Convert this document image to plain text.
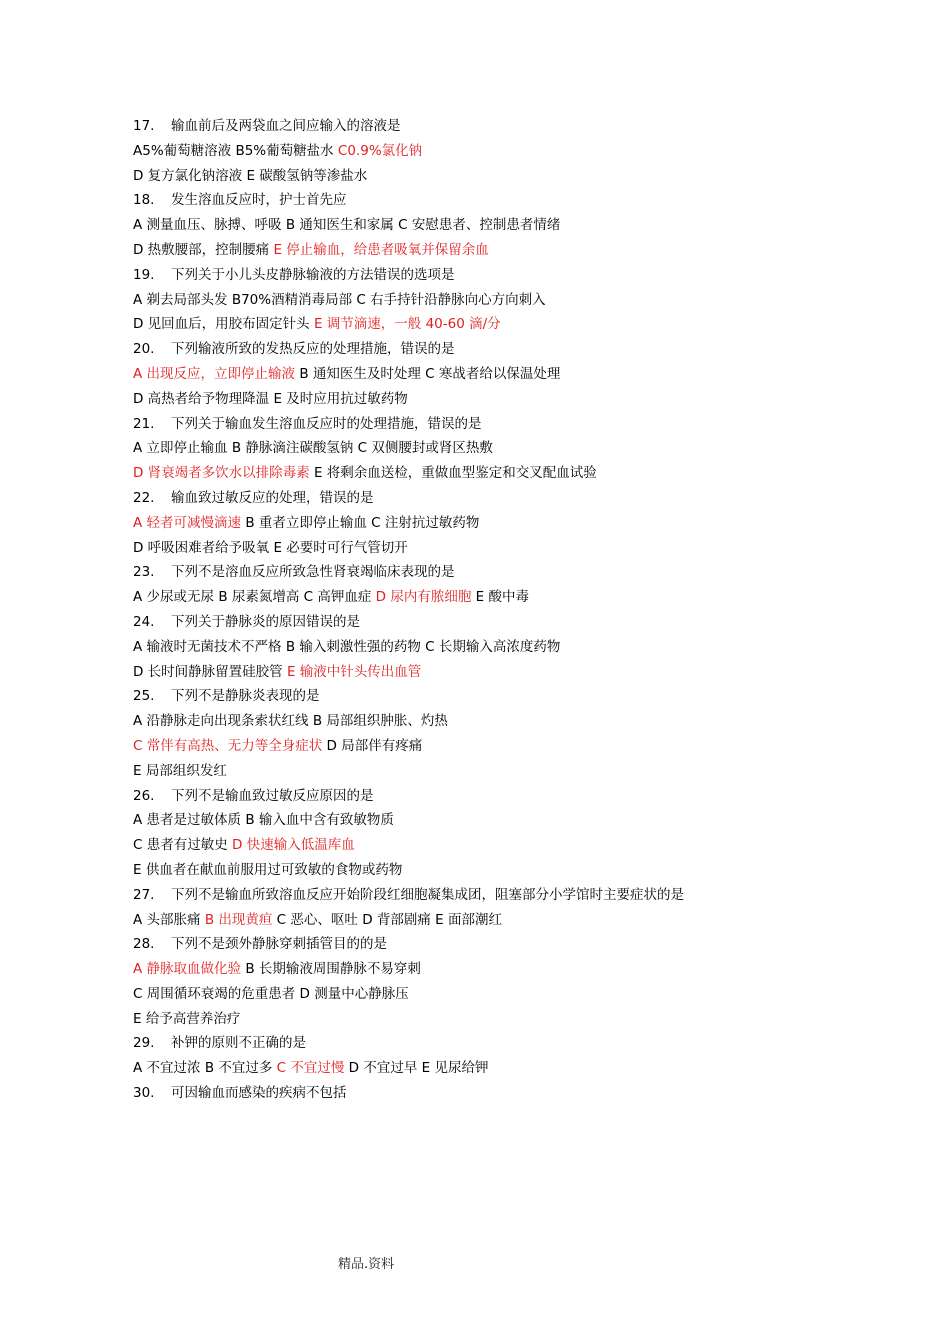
17. 输血前后及两袋血之间应输入的溶液是
A5%葡萄糖溶液 B5%葡萄糖盐水 C0.9%氯化钠
D 复方氯化钠溶液 E 碳酸氢钠等渗盐水
18. 发生溶血反应时，护士首先应
A 测量血压、脉搏、呼吸 B 通知医生和家属 C 安慰患者、控制患者情绪
D 热敷腰部，控制腰痛 E 停止输血，给患者吸氧并保留余血
19. 下列关于小儿头皮静脉输液的方法错误的选项是
A 剃去局部头发 B70%酒精消毒局部 C 右手持针沿静脉向心方向刺入
D 见回血后，用胶布固定针头 E 调节滴速，一般 40-60 滴/分
20. 下列输液所致的发热反应的处理措施，错误的是
A 出现反应，立即停止输液 B 通知医生及时处理 C 寒战者给以保温处理
D 高热者给予物理降温 E 及时应用抗过敏药物
21. 下列关于输血发生溶血反应时的处理措施，错误的是
A 立即停止输血 B 静脉滴注碳酸氢钠 C 双侧腰封或肾区热敷
D 肾衰竭者多饮水以排除毒素 E 将剩余血送检，重做血型鉴定和交叉配血试验
22. 输血致过敏反应的处理，错误的是
A 轻者可减慢滴速 B 重者立即停止输血 C 注射抗过敏药物
D 呼吸困难者给予吸氧 E 必要时可行气管切开
23. 下列不是溶血反应所致急性肾衰竭临床表现的是
A 少尿或无尿 B 尿素氮增高 C 高钾血症 D 尿内有脓细胞 E 酸中毒
24. 下列关于静脉炎的原因错误的是
A 输液时无菌技术不严格 B 输入刺激性强的药物 C 长期输入高浓度药物
D 长时间静脉留置硅胶管 E 输液中针头传出血管
25. 下列不是静脉炎表现的是
A 沿静脉走向出现条索状红线 B 局部组织肿胀、灼热
C 常伴有高热、无力等全身症状 D 局部伴有疼痛
E 局部组织发红
26. 下列不是输血致过敏反应原因的是
A 患者是过敏体质 B 输入血中含有致敏物质
C 患者有过敏史 D 快速输入低温库血
E 供血者在献血前服用过可致敏的食物或药物
27. 下列不是输血所致溶血反应开始阶段红细胞凝集成团，阻塞部分小学馆时主要症状的是
A 头部胀痛 B 出现黄疸 C 恶心、呕吐 D 背部剧痛 E 面部潮红
28. 下列不是颈外静脉穿刺插管目的的是
A 静脉取血做化验 B 长期输液周围静脉不易穿刺
C 周围循环衰竭的危重患者 D 测量中心静脉压
E 给予高营养治疗
29. 补钾的原则不正确的是
A 不宜过浓 B 不宜过多 C 不宜过慢 D 不宜过早 E 见尿给钾
30. 可因输血而感染的疾病不包括
精品.资料
